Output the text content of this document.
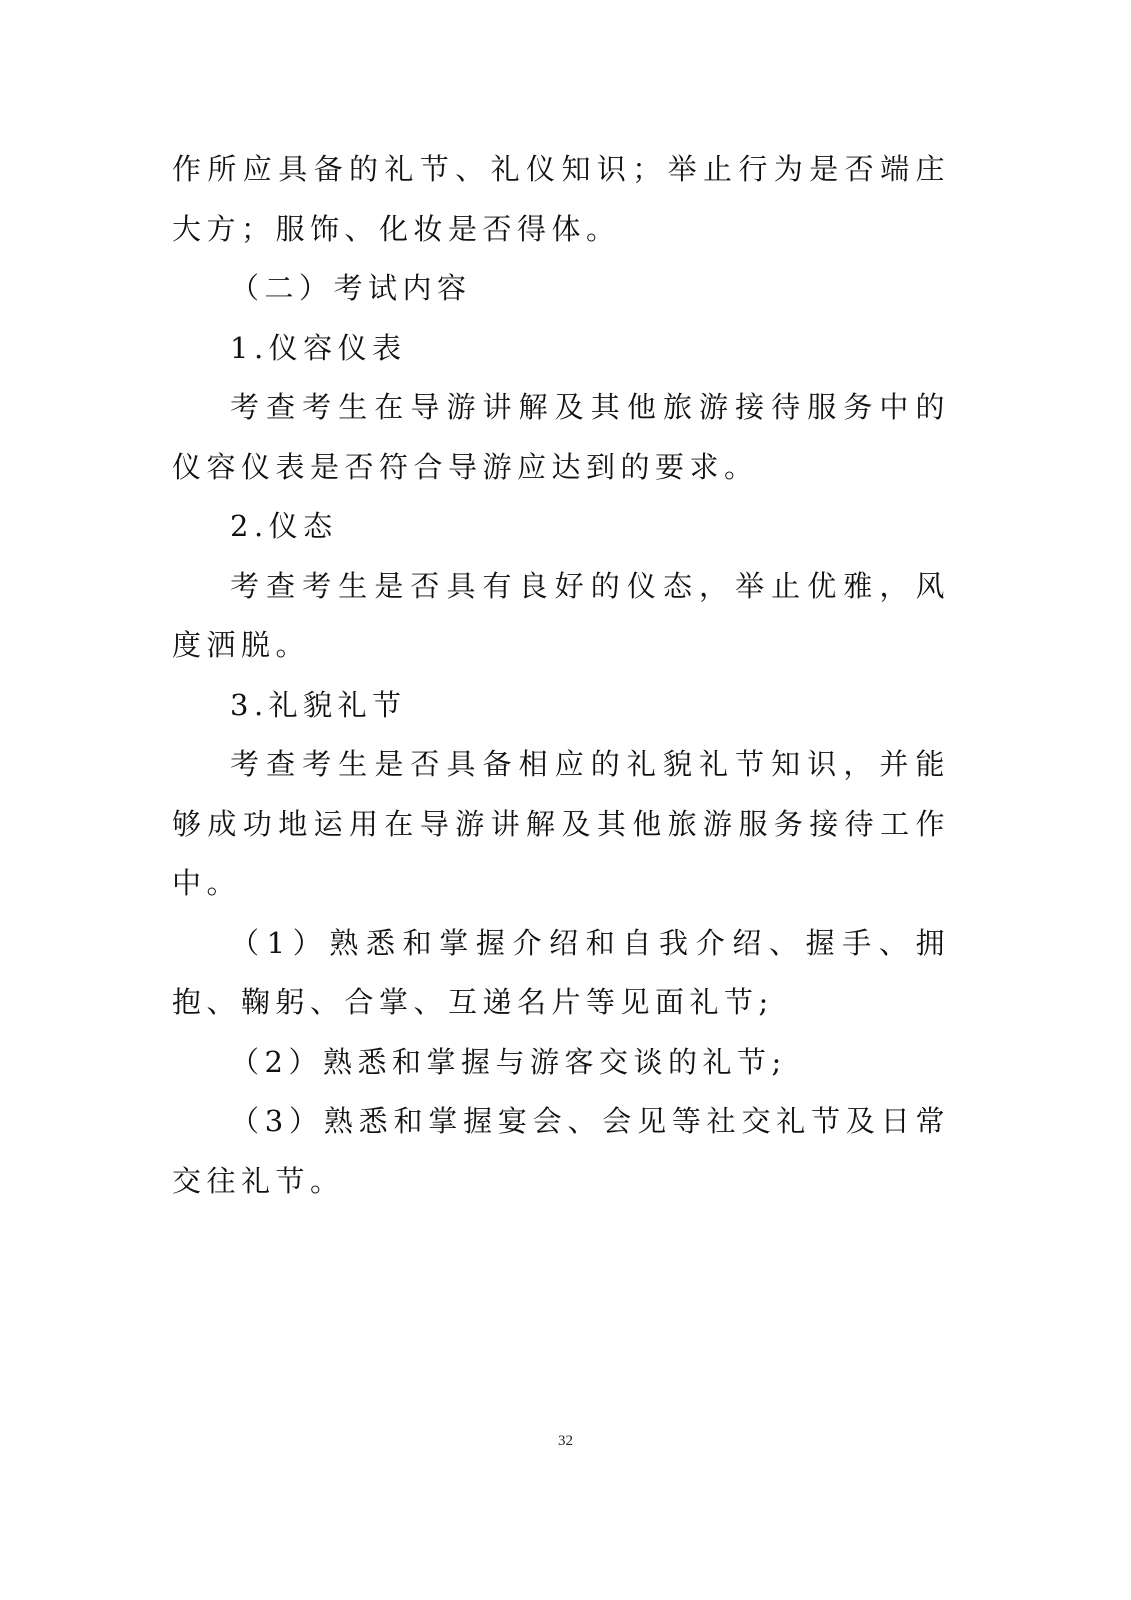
作所应具备的礼节、礼仪知识；举止行为是否端庄大方；服饰、化妆是否得体。

（二）考试内容

1.仪容仪表

考查考生在导游讲解及其他旅游接待服务中的仪容仪表是否符合导游应达到的要求。

2.仪态

考查考生是否具有良好的仪态，举止优雅，风度洒脱。

3.礼貌礼节

考查考生是否具备相应的礼貌礼节知识，并能够成功地运用在导游讲解及其他旅游服务接待工作中。

（1）熟悉和掌握介绍和自我介绍、握手、拥抱、鞠躬、合掌、互递名片等见面礼节;

（2）熟悉和掌握与游客交谈的礼节;

（3）熟悉和掌握宴会、会见等社交礼节及日常交往礼节。

32
